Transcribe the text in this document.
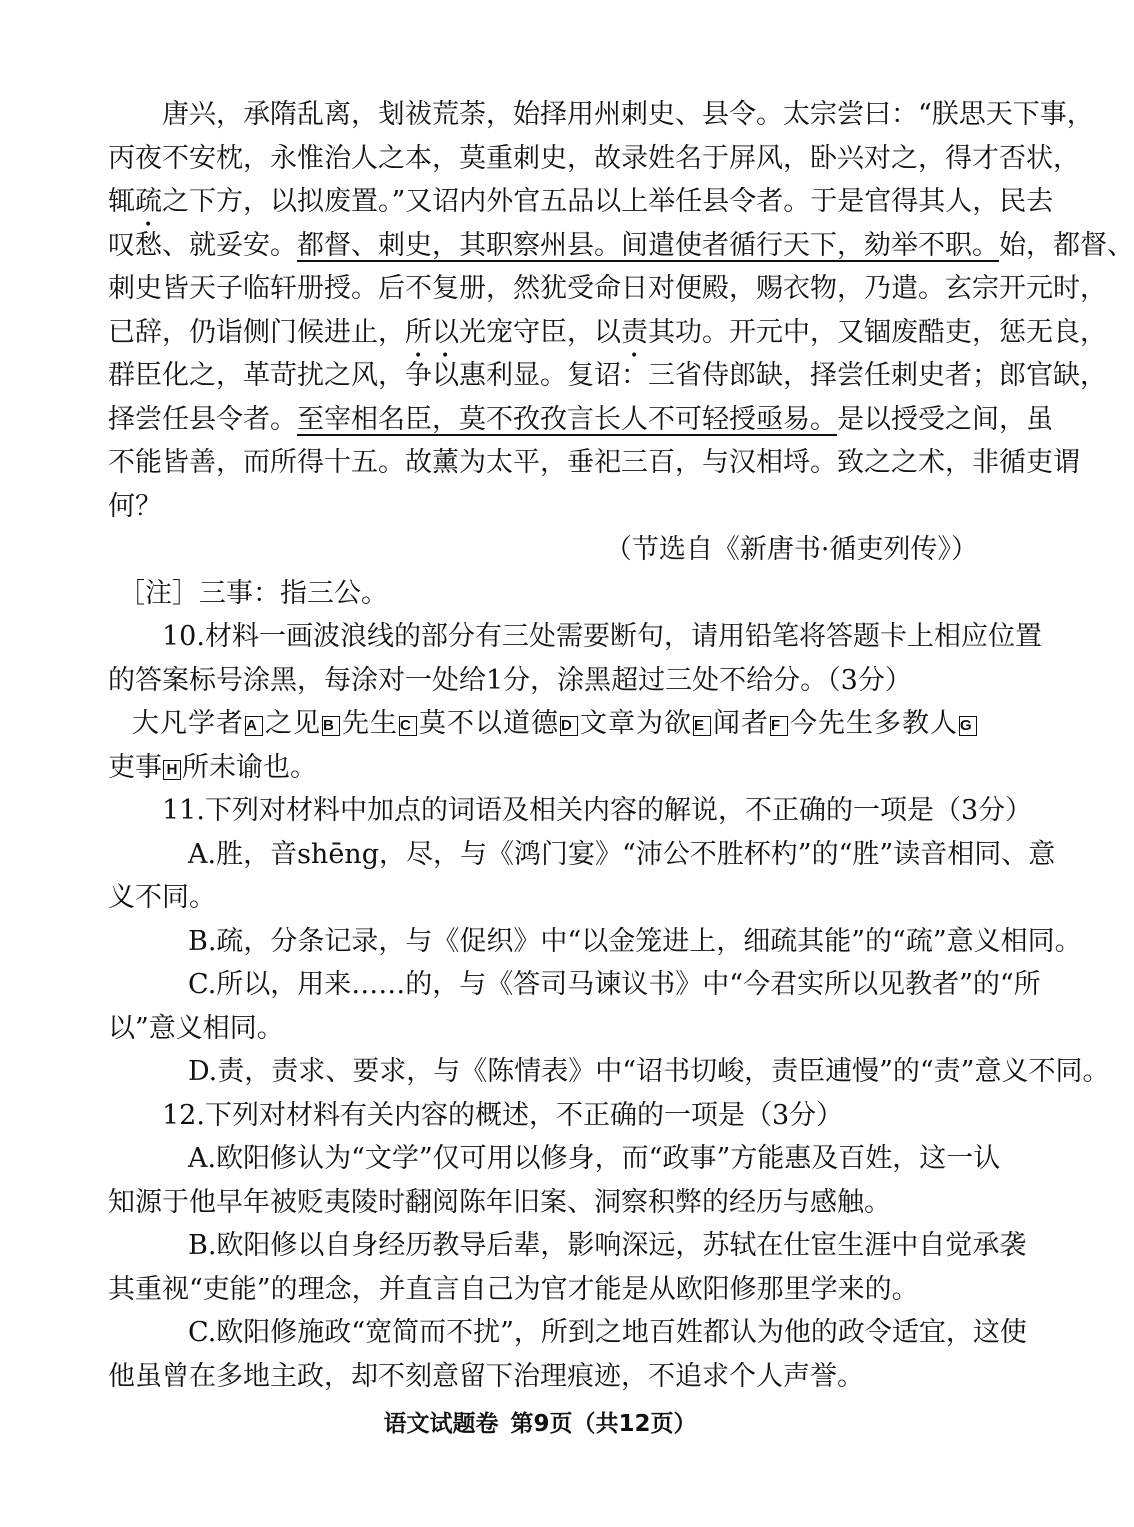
唐兴，承隋乱离，刬祓荒荼，始择用州刺史、县令。太宗尝曰：“朕思天下事，
丙夜不安枕，永惟治人之本，莫重刺史，故录姓名于屏风，卧兴对之，得才否状，
辄疏之下方，以拟废置。”又诏内外官五品以上举任县令者。于是官得其人，民去
叹愁、就妥安。都督、刺史，其职察州县。间遣使者循行天下，劾举不职。始，都督、
刺史皆天子临轩册授。后不复册，然犹受命日对便殿，赐衣物，乃遣。玄宗开元时，
已辞，仍诣侧门候进止，所以光宠守臣，以责其功。开元中，又锢废酷吏，惩无良，
群臣化之，革苛扰之风，争以惠利显。复诏：三省侍郎缺，择尝任刺史者；郎官缺，
择尝任县令者。至宰相名臣，莫不孜孜言长人不可轻授亟易。是以授受之间，虽
不能皆善，而所得十五。故薰为太平，垂祀三百，与汉相埒。致之之术，非循吏谓
何？
（节选自《新唐书·循吏列传》）
［注］三事：指三公。
10.材料一画波浪线的部分有三处需要断句，请用铅笔将答题卡上相应位置
的答案标号涂黑，每涂对一处给1分，涂黑超过三处不给分。（3分）
大凡学者 A 之见 B 先生 C 莫不以道德 D 文章为欲 E 闻者 F 今先生多教人 G
吏事 H 所未谕也。
11.下列对材料中加点的词语及相关内容的解说，不正确的一项是（3分）
A.胜，音shēng，尽，与《鸿门宴》“沛公不胜杯杓”的“胜”读音相同、意
义不同。
B.疏，分条记录，与《促织》中“以金笼进上，细疏其能”的“疏”意义相同。
C.所以，用来……的，与《答司马谏议书》中“今君实所以见教者”的“所
以”意义相同。
D.责，责求、要求，与《陈情表》中“诏书切峻，责臣逋慢”的“责”意义不同。
12.下列对材料有关内容的概述，不正确的一项是（3分）
A.欧阳修认为“文学”仅可用以修身，而“政事”方能惠及百姓，这一认
知源于他早年被贬夷陵时翻阅陈年旧案、洞察积弊的经历与感触。
语文试题卷 第9页（共12页）
B.欧阳修以自身经历教导后辈，影响深远，苏轼在仕宦生涯中自觉承袭
其重视“吏能”的理念，并直言自己为官才能是从欧阳修那里学来的。
C.欧阳修施政“宽简而不扰”，所到之地百姓都认为他的政令适宜，这使
他虽曾在多地主政，却不刻意留下治理痕迹，不追求个人声誉。
